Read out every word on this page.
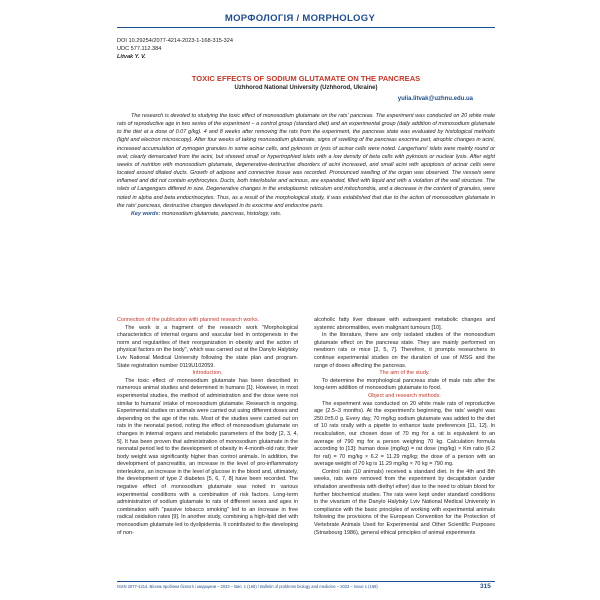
МОРФОЛОГІЯ / MORPHOLOGY
DOI 10.29254/2077-4214-2023-1-168-315-324
UDC 577.112.384
Litvak Y. V.
TOXIC EFFECTS OF SODIUM GLUTAMATE ON THE PANCREAS
Uzhhorod National University (Uzhhorod, Ukraine)
yulia.litvak@uzhnu.edu.ua

The research is devoted to studying the toxic effect of monosodium glutamate on the rats' pancreas. The experiment was conducted on 20 white male rats of reproductive age in two series of the experiment – a control group (standard diet) and an experimental group (daily addition of monosodium glutamate to the diet at a dose of 0.07 g/kg). 4 and 8 weeks after removing the rats from the experiment, the pancreas state was evaluated by histological methods (light and electron microscopy). After four weeks of taking monosodium glutamate, signs of swelling of the pancreas exocrine part, atrophic changes in acini, increased accumulation of zymogen granules in some acinar cells, and pyknosis or lysis of acinar cells were noted. Langerhans' islets were mainly round or oval; clearly demarcated from the acini, but showed small or hypertrophied islets with a low density of beta cells with pyknosis or nuclear lysis. After eight weeks of nutrition with monosodium glutamate, degenerative-destructive disorders of acini increased, and small acini with apoptosis of acinar cells were located around dilated ducts. Growth of adipose and connective tissue was recorded. Pronounced swelling of the organ was observed. The vessels were inflamed and did not contain erythrocytes. Ducts, both interlobular and acinous, are expanded, filled with liquid and with a violation of the wall structure. The islets of Langengars differed in size. Degenerative changes in the endoplasmic reticulum and mitochondria, and a decrease in the content of granules, were noted in alpha and beta endocrinocytes. Thus, as a result of the morphological study, it was established that due to the action of monosodium glutamate in the rats' pancreas, destructive changes developed in its exocrine and endocrine parts.

Key words: monosodium glutamate, pancreas, histology, rats.

Connection of the publication with planned research works.

The work is a fragment of the research work "Morphological characteristics of internal organs and vascular bed in ontogenesis in the norm and regularities of their reorganization in obesity and the action of physical factors on the body", which was carried out at the Danylo Halytsky Lviv National Medical University following the state plan and program. State registration number 0119U102059.

Introduction.

The toxic effect of monosodium glutamate has been described in numerous animal studies and determined in humans [1]. However, in most experimental studies, the method of administration and the dose were not similar to humans' intake of monosodium glutamate. Research is ongoing. Experimental studies on animals were carried out using different doses and depending on the age of the rats. Most of the studies were carried out on rats in the neonatal period, noting the effect of monosodium glutamate on changes in internal organs and metabolic parameters of the body [2, 3, 4, 5]. It has been proven that administration of monosodium glutamate in the neonatal period led to the development of obesity in 4-month-old rats; their body weight was significantly higher than control animals. In addition, the development of pancreatitis, an increase in the level of pro-inflammatory interleukins, an increase in the level of glucose in the blood and, ultimately, the development of type 2 diabetes [5, 6, 7, 8] have been recorded. The negative effect of monosodium glutamate was noted in various experimental conditions with a combination of risk factors. Long-term administration of sodium glutamate to rats of different sexes and ages in combination with "passive tobacco smoking" led to an increase in free radical oxidation rates [9]. In another study, combining a high-lipid diet with monosodium glutamate led to dyslipidemia. It contributed to the developing of non-

alcoholic fatty liver disease with subsequent metabolic changes and systemic abnormalities, even malignant tumours [10].

In the literature, there are only isolated studies of the monosodium glutamate effect on the pancreas state. They are mainly performed on newborn rats or mice [2, 5, 7]. Therefore, it prompts researchers to continue experimental studies on the duration of use of MSG and the range of doses affecting the pancreas.

The aim of the study.

To determine the morphological pancreas state of male rats after the long-term addition of monosodium glutamate to food.

Object and research methods.

The experiment was conducted on 20 white male rats of reproductive age (2.5–3 months). At the experiment's beginning, the rats' weight was 250.0±5.0 g. Every day, 70 mg/kg sodium glutamate was added to the diet of 10 rats orally with a pipette to enhance taste preferences [11, 12]. In recalculation, our chosen dose of 70 mg for a rat is equivalent to an average of 790 mg for a person weighing 70 kg. Calculation formula according to [13]: human dose (mg/kg) = rat dose (mg/kg) × Km ratio (6.2 for rat) = 70 mg/kg × 6.2 = 11.29 mg/kg; the dose of a person with an average weight of 70 kg is 11.29 mg/kg × 70 kg = 790 mg.

Control rats (10 animals) received a standard diet. In the 4th and 8th weeks, rats were removed from the experiment by decapitation (under inhalation anesthesia with diethyl ether) due to the need to obtain blood for further biochemical studies. The rats were kept under standard conditions in the vivarium of the Danylo Halytsky Lviv National Medical University in compliance with the basic principles of working with experimental animals following the provisions of the European Convention for the Protection of Vertebrate Animals Used for Experimental and Other Scientific Purposes (Strasbourg 1986), general ethical principles of animal experiments

ISSN 2077-4214. Вісник проблем біології і медицини – 2023 – Вип. 1 (168) / Bulletin of problems biology and medicine – 2023 – Issue 1 (168)	315
